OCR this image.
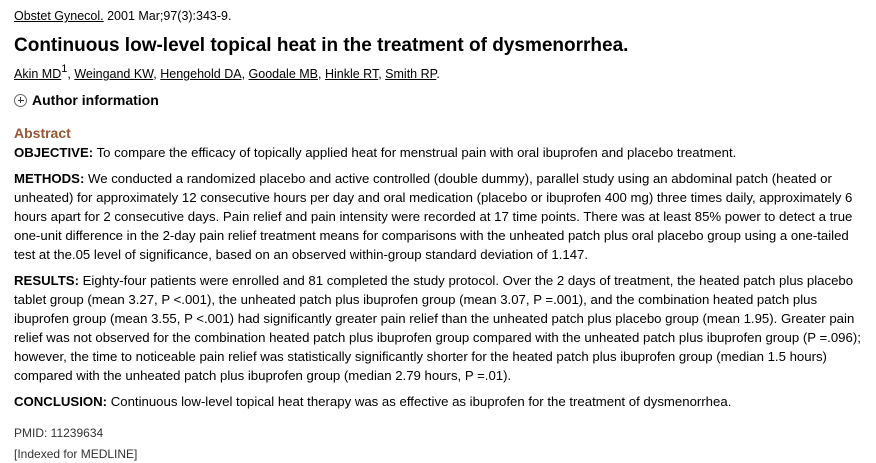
Obstet Gynecol. 2001 Mar;97(3):343-9.
Continuous low-level topical heat in the treatment of dysmenorrhea.
Akin $MD^1$, Weingand KW, Hengehold DA, Goodale MB, Hinkle RT, Smith RP.
Author information
Abstract

OBJECTIVE: To compare the efficacy of topically applied heat for menstrual pain with oral ibuprofen and placebo treatment.

METHODS: We conducted a randomized placebo and active controlled (double dummy), parallel study using an abdominal patch (heated or unheated) for approximately 12 consecutive hours per day and oral medication (placebo or ibuprofen 400 mg) three times daily, approximately 6 hours apart for 2 consecutive days. Pain relief and pain intensity were recorded at 17 time points. There was at least 85% power to detect a true one-unit difference in the 2-day pain relief treatment means for comparisons with the unheated patch plus oral placebo group using a one-tailed test at the.05 level of significance, based on an observed within-group standard deviation of 1.147.

RESULTS: Eighty-four patients were enrolled and 81 completed the study protocol. Over the 2 days of treatment, the heated patch plus placebo tablet group (mean 3.27, P <.001), the unheated patch plus ibuprofen group (mean 3.07, P =.001), and the combination heated patch plus ibuprofen group (mean 3.55, P <.001) had significantly greater pain relief than the unheated patch plus placebo group (mean 1.95). Greater pain relief was not observed for the combination heated patch plus ibuprofen group compared with the unheated patch plus ibuprofen group (P =.096); however, the time to noticeable pain relief was statistically significantly shorter for the heated patch plus ibuprofen group (median 1.5 hours) compared with the unheated patch plus ibuprofen group (median 2.79 hours, P =.01).

CONCLUSION: Continuous low-level topical heat therapy was as effective as ibuprofen for the treatment of dysmenorrhea.

PMID: 11239634
[Indexed for MEDLINE]
